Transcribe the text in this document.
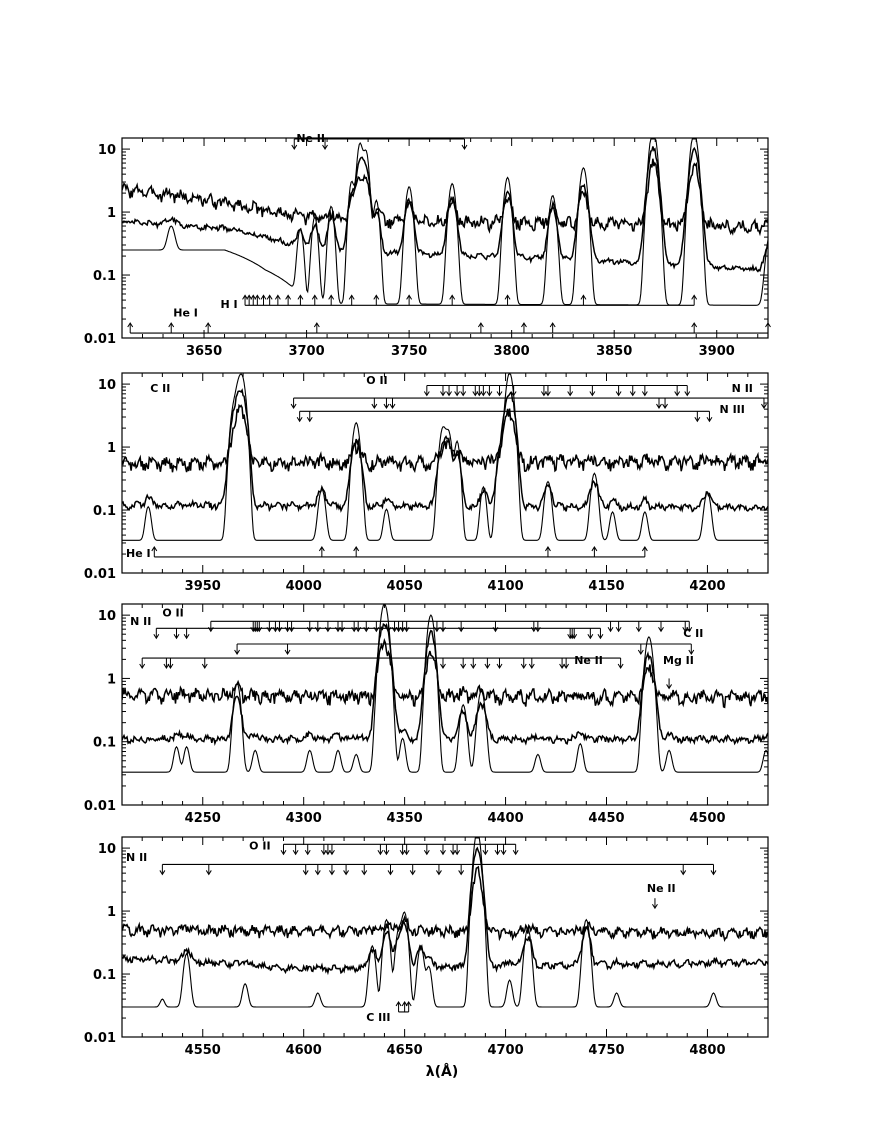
3650	3700	3750	3800	3850	3900
0.01
0.1
1
10
Ne II
He I
H I
3950	4000	4050	4100	4150	4200
0.01
0.1
1
10	C II
O II
N II
N III
He I
4250	4300	4350	4400	4450	4500
0.01
0.1
1
10 N II
O II
C II
Ne II	Mg II
4550	4600	4650	4700	4750	4800
0.01
0.1
1
10
N II
O II
Ne II
C III
λ(Å)
